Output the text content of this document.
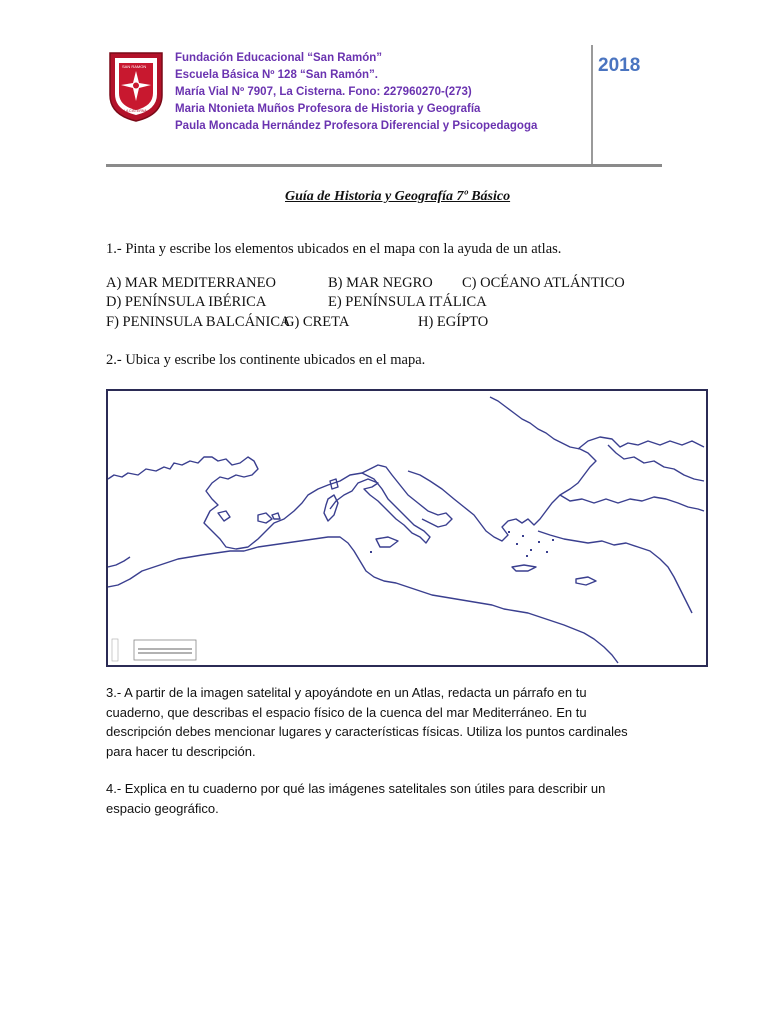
Escuela Básica Nº 128
SAN RAMON
LA CISTERNA
Fundación Educacional “San Ramón”
Escuela Básica Nº 128 “San Ramón”.
María Vial Nº 7907, La Cisterna. Fono: 227960270-(273)
Maria Ntonieta Muños Profesora de Historia y Geografía
Paula Moncada Hernández Profesora Diferencial y Psicopedagoga
2018
Guía de Historia y Geografía 7º Básico
1.- Pinta y escribe los elementos ubicados en el mapa con la ayuda de un atlas.
A) MAR MEDITERRANEO	B) MAR NEGRO C) OCÉANO ATLÁNTICO
D) PENÍNSULA IBÉRICA	E) PENÍNSULA ITÁLICA
F) PENINSULA BALCÁNICA
G) CRETA	H) EGÍPTO
2.- Ubica y escribe los continente ubicados en el mapa.
3.- A partir de la imagen satelital y apoyándote en un Atlas, redacta un párrafo en tu
cuaderno, que describas el espacio físico de la cuenca del mar Mediterráneo. En tu
descripción debes mencionar lugares y características físicas. Utiliza los puntos cardinales
para hacer tu descripción.
4.- Explica en tu cuaderno por qué las imágenes satelitales son útiles para describir un
espacio geográfico.
